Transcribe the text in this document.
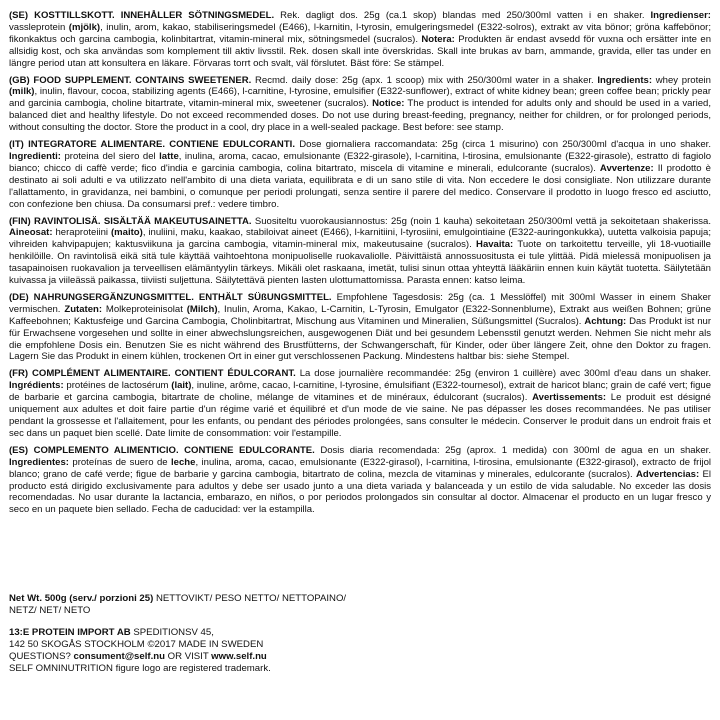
(SE) KOSTTILLSKOTT. INNEHÅLLER SÖTNINGSMEDEL. Rek. dagligt dos. 25g (ca.1 skop) blandas med 250/300ml vatten i en shaker. Ingredienser: vassleprotein (mjölk), inulin, arom, kakao, stabiliseringsmedel (E466), l-karnitin, l-tyrosin, emulgeringsmedel (E322-solros), extrakt av vita bönor; gröna kaffebönor; fikonkaktus och garcina cambogia, kolinbitartrat, vitamin-mineral mix, sötningsmedel (sucralos). Notera: Produkten är endast avsedd för vuxna och ersätter inte en allsidig kost, och ska användas som komplement till aktiv livsstil. Rek. dosen skall inte överskridas. Skall inte brukas av barn, ammande, gravida, eller tas under en längre period utan att konsultera en läkare. Förvaras torrt och svalt, väl förslutet. Bäst före: Se stämpel.
(GB) FOOD SUPPLEMENT. CONTAINS SWEETENER. Recmd. daily dose: 25g (apx. 1 scoop) mix with 250/300ml water in a shaker. Ingredients: whey protein (milk), inulin, flavour, cocoa, stabilizing agents (E466), l-carnitine, l-tyrosine, emulsifier (E322-sunflower), extract of white kidney bean; green coffee bean; prickly pear and garcinia cambogia, choline bitartrate, vitamin-mineral mix, sweetener (sucralos). Notice: The product is intended for adults only and should be used in a varied, balanced diet and healthy lifestyle. Do not exceed recommended doses. Do not use during breast-feeding, pregnancy, neither for children, or for prolonged periods, without consulting the doctor. Store the product in a cool, dry place in a well-sealed package. Best before: see stamp.
(IT) INTEGRATORE ALIMENTARE. CONTIENE EDULCORANTI. Dose giornaliera raccomandata: 25g (circa 1 misurino) con 250/300ml d'acqua in uno shaker. Ingredienti: proteina del siero del latte, inulina, aroma, cacao, emulsionante (E322-girasole), l-carnitina, l-tirosina, emulsionante (E322-girasole), estratto di fagiolo bianco; chicco di caffè verde; fico d'india e garcinia cambogia, colina bitartrato, miscela di vitamine e minerali, edulcorante (sucralos). Avvertenze: Il prodotto è destinato ai soli adulti e va utilizzato nell'ambito di una dieta variata, equilibrata e di un sano stile di vita. Non eccedere le dosi consigliate. Non utilizzare durante l'allattamento, in gravidanza, nei bambini, o comunque per periodi prolungati, senza sentire il parere del medico. Conservare il prodotto in luogo fresco ed asciutto, con confezione ben chiusa. Da consumarsi pref.: vedere timbro.
(FIN) RAVINTOLISÄ. SISÄLTÄÄ MAKEUTUSAINETTA. Suositeltu vuorokausiannostus: 25g (noin 1 kauha) sekoitetaan 250/300ml vettä ja sekoitetaan shakerissa. Aineosat: heraproteiini (maito), inuliini, maku, kaakao, stabiloivat aineet (E466), l-karnitiini, l-tyrosiini, emulgointiaine (E322-auringonkukka), uutetta valkoisia papuja; vihreiden kahvipapujen; kaktusviikuna ja garcina cambogia, vitamin-mineral mix, makeutusaine (sucralos). Havaita: Tuote on tarkoitettu terveille, yli 18-vuotiaille henkilöille. On ravintolisä eikä sitä tule käyttää vaihtoehtona monipuoliselle ruokavaliolle. Päivittäistä annossuositusta ei tule ylittää. Pidä mielessä monipuolisen ja tasapainoisen ruokavalion ja terveellisen elämäntyylin tärkeys. Mikäli olet raskaana, imetät, tulisi sinun ottaa yhteyttä lääkäriin ennen kuin käytät tuotetta. Säilytetään kuivassa ja viileässä paikassa, tiiviisti suljettuna. Säilytettävä pienten lasten ulottumattomissa. Parasta ennen: katso leima.
(DE) NAHRUNGSERGÄNZUNGSMITTEL. ENTHÄLT SÜßUNGSMITTEL. Empfohlene Tagesdosis: 25g (ca. 1 Messlöffel) mit 300ml Wasser in einem Shaker vermischen. Zutaten: Molkeproteinisolat (Milch), Inulin, Aroma, Kakao, L-Carnitin, L-Tyrosin, Emulgator (E322-Sonnenblume), Extrakt aus weißen Bohnen; grüne Kaffeebohnen; Kaktusfeige und Garcina Cambogia, Cholinbitartrat, Mischung aus Vitaminen und Mineralien, Süßungsmittel (Sucralos). Achtung: Das Produkt ist nur für Erwachsene vorgesehen und sollte in einer abwechslungsreichen, ausgewogenen Diät und bei gesundem Lebensstil genutzt werden. Nehmen Sie nicht mehr als die empfohlene Dosis ein. Benutzen Sie es nicht während des Brustfütterns, der Schwangerschaft, für Kinder, oder über längere Zeit, ohne den Doktor zu fragen. Lagern Sie das Produkt in einem kühlen, trockenen Ort in einer gut verschlossenen Packung. Mindestens haltbar bis: siehe Stempel.
(FR) COMPLÉMENT ALIMENTAIRE. CONTIENT ÉDULCORANT. La dose journalière recommandée: 25g (environ 1 cuillère) avec 300ml d'eau dans un shaker. Ingrédients: protéines de lactosérum (lait), inuline, arôme, cacao, l-carnitine, l-tyrosine, émulsifiant (E322-tournesol), extrait de haricot blanc; grain de café vert; figue de barbarie et garcina cambogia, bitartrate de choline, mélange de vitamines et de minéraux, édulcorant (sucralos). Avertissements: Le produit est désigné uniquement aux adultes et doit faire partie d'un régime varié et équilibré et d'un mode de vie saine. Ne pas dépasser les doses recommandées. Ne pas utiliser pendant la grossesse et l'allaitement, pour les enfants, ou pendant des périodes prolongées, sans consulter le médecin. Conserver le produit dans un endroit frais et sec dans un paquet bien scellé. Date limite de consommation: voir l'estampille.
(ES) COMPLEMENTO ALIMENTICIO. CONTIENE EDULCORANTE. Dosis diaria recomendada: 25g (aprox. 1 medida) con 300ml de agua en un shaker. Ingredientes: proteínas de suero de leche, inulina, aroma, cacao, emulsionante (E322-girasol), l-carnitina, l-tirosina, emulsionante (E322-girasol), extracto de frijol blanco; grano de café verde; figue de barbarie y garcina cambogia, bitartrato de colina, mezcla de vitaminas y minerales, edulcorante (sucralos). Advertencias: El producto está dirigido exclusivamente para adultos y debe ser usado junto a una dieta variada y balanceada y un estilo de vida saludable. No exceder las dosis recomendadas. No usar durante la lactancia, embarazo, en niños, o por periodos prolongados sin consultar al doctor. Almacenar el producto en un lugar fresco y seco en un paquete bien sellado. Fecha de caducidad: ver la estampilla.
Net Wt. 500g (serv./ porzioni 25) NETTOVIKT/ PESO NETTO/ NETTOPAINO/ NETZ/ NET/ NETO
13:E PROTEIN IMPORT AB SPEDITIONSV 45,
142 50 SKOGÅS STOCKHOLM ©2017 MADE IN SWEDEN
QUESTIONS? consument@self.nu OR VISIT www.self.nu
SELF OMNINUTRITION figure logo are registered trademark.
